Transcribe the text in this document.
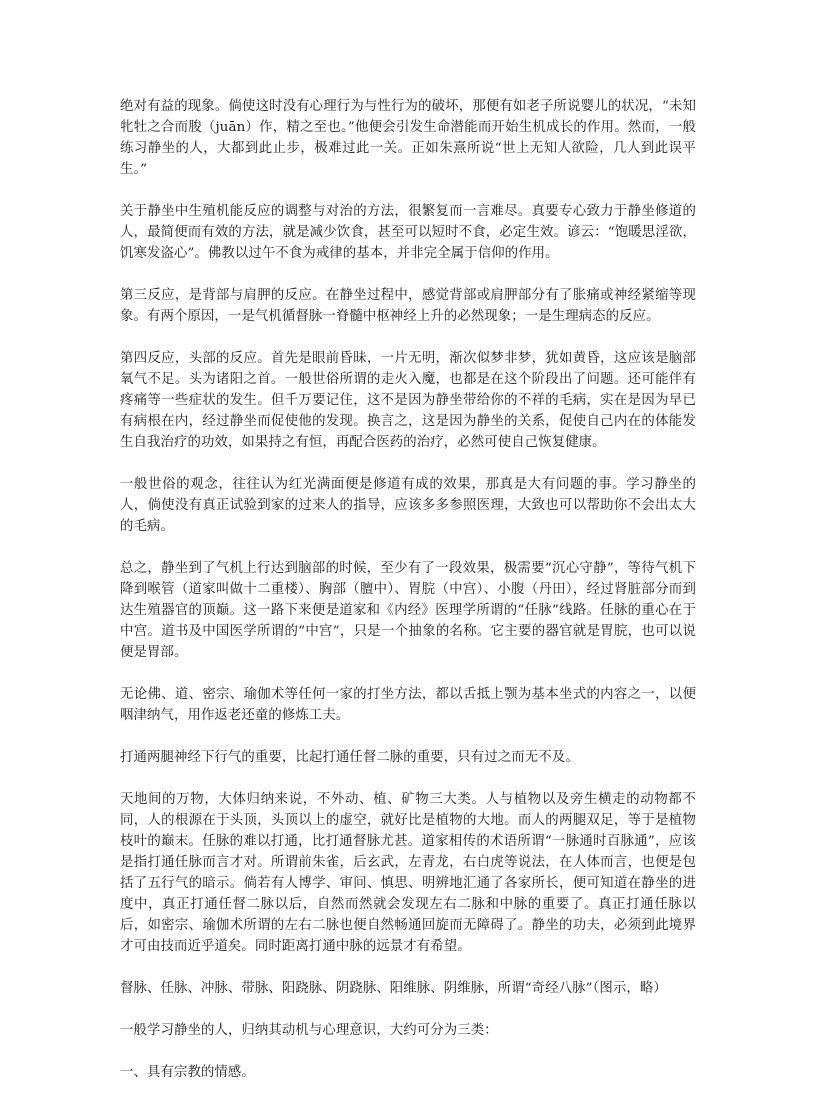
绝对有益的现象。倘使这时没有心理行为与性行为的破坏，那便有如老子所说婴儿的状况，“未知牝牡之合而朘（juān）作，精之至也。”他便会引发生命潜能而开始生机成长的作用。然而，一般练习静坐的人，大都到此止步，极难过此一关。正如朱熹所说“世上无知人欲险，几人到此误平生。”

关于静坐中生殖机能反应的调整与对治的方法，很繁复而一言难尽。真要专心致力于静坐修道的人，最简便而有效的方法，就是减少饮食，甚至可以短时不食，必定生效。谚云：“饱暖思淫欲，饥寒发盗心”。佛教以过午不食为戒律的基本，并非完全属于信仰的作用。

第三反应，是背部与肩胛的反应。在静坐过程中，感觉背部或肩胛部分有了胀痛或神经紧缩等现象。有两个原因，一是气机循督脉一脊髓中枢神经上升的必然现象；一是生理病态的反应。

第四反应，头部的反应。首先是眼前昏昧，一片无明，渐次似梦非梦，犹如黄昏，这应该是脑部氧气不足。头为诸阳之首。一般世俗所谓的走火入魔，也都是在这个阶段出了问题。还可能伴有疼痛等一些症状的发生。但千万要记住，这不是因为静坐带给你的不祥的毛病，实在是因为早已有病根在内，经过静坐而促使他的发现。换言之，这是因为静坐的关系，促使自己内在的体能发生自我治疗的功效，如果持之有恒，再配合医药的治疗，必然可使自己恢复健康。

一般世俗的观念，往往认为红光满面便是修道有成的效果，那真是大有问题的事。学习静坐的人，倘使没有真正试验到家的过来人的指导，应该多多参照医理，大致也可以帮助你不会出太大的毛病。

总之，静坐到了气机上行达到脑部的时候，至少有了一段效果，极需要“沉心守静”，等待气机下降到喉管（道家叫做十二重楼）、胸部（膻中）、胃脘（中宫）、小腹（丹田），经过肾脏部分而到达生殖器官的顶巅。这一路下来便是道家和《内经》医理学所谓的“任脉”线路。任脉的重心在于中宫。道书及中国医学所谓的“中宫”，只是一个抽象的名称。它主要的器官就是胃脘，也可以说便是胃部。

无论佛、道、密宗、瑜伽术等任何一家的打坐方法，都以舌抵上颚为基本坐式的内容之一，以便咽津纳气，用作返老还童的修炼工夫。

打通两腿神经下行气的重要，比起打通任督二脉的重要，只有过之而无不及。

天地间的万物，大体归纳来说，不外动、植、矿物三大类。人与植物以及旁生横走的动物都不同，人的根源在于头顶，头顶以上的虚空，就好比是植物的大地。而人的两腿双足，等于是植物枝叶的巅末。任脉的难以打通，比打通督脉尤甚。道家相传的术语所谓“一脉通时百脉通”，应该是指打通任脉而言才对。所谓前朱雀，后玄武，左青龙，右白虎等说法，在人体而言，也便是包括了五行气的暗示。倘若有人博学、审问、慎思、明辨地汇通了各家所长，便可知道在静坐的进度中，真正打通任督二脉以后，自然而然就会发现左右二脉和中脉的重要了。真正打通任脉以后，如密宗、瑜伽术所谓的左右二脉也便自然畅通回旋而无障碍了。静坐的功夫，必须到此境界才可由技而近乎道矣。同时距离打通中脉的远景才有希望。

督脉、任脉、冲脉、带脉、阳跷脉、阴跷脉、阳维脉、阴维脉，所谓“奇经八脉”（图示，略）

一般学习静坐的人，归纳其动机与心理意识，大约可分为三类：

一、具有宗教的情感。
